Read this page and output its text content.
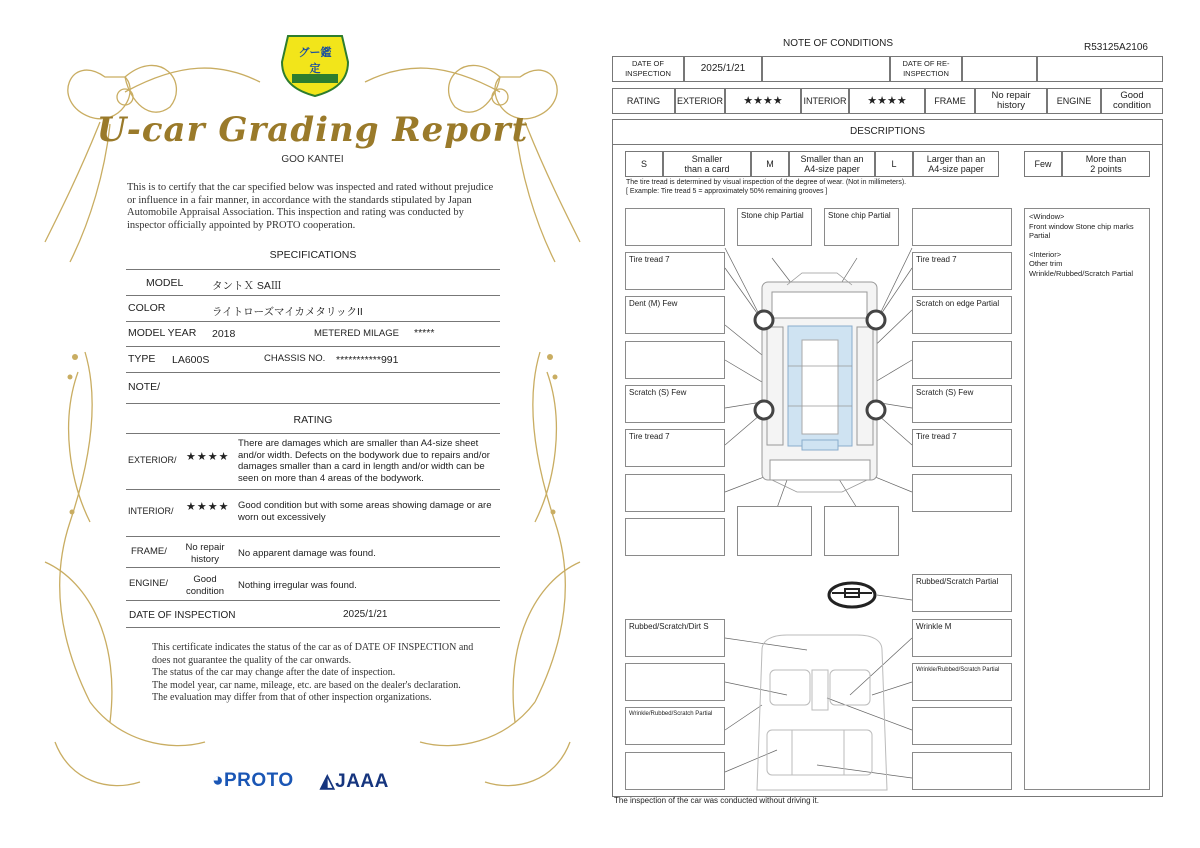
グー鑑定
U-car Grading Report
GOO KANTEI
This is to certify that the car specified below was inspected and rated without prejudice or influence in a fair manner, in accordance with the standards stipulated by Japan Automobile Appraisal Association. This inspection and rating was conducted by inspector officially appointed by PROTO cooperation.
SPECIFICATIONS
MODEL	タントＸ SAⅢ
COLOR	ライトローズマイカメタリックII
MODEL YEAR 2018	METERED MILAGE *****
TYPE LA600S	CHASSIS NO. ***********991
NOTE/
RATING
EXTERIOR/ ★★★★
There are damages which are smaller than A4-size sheet and/or width. Defects on the bodywork due to repairs and/or damages smaller than a card in length and/or width can be seen on more than 4 areas of the bodywork.
INTERIOR/ ★★★★ Good condition but with some areas showing damage or are worn out excessively
FRAME/	No repair history	No apparent damage was found.
ENGINE/	Good condition	Nothing irregular was found.
DATE OF INSPECTION	2025/1/21
This certificate indicates the status of the car as of DATE OF INSPECTION and does not guarantee the quality of the car onwards.
The status of the car may change after the date of inspection.
The model year, car name, mileage, etc. are based on the dealer's declaration.
The evaluation may differ from that of other inspection organizations.
◕PROTO ◭JAAA
NOTE OF CONDITIONS	R53125A2106
DATE OF INSPECTION	2025/1/21	DATE OF RE-INSPECTION
RATING	EXTERIOR	★★★★	INTERIOR	★★★★	FRAME	No repair history	ENGINE	Good condition
DESCRIPTIONS
S	Smaller than a card	M	Smaller than an A4-size paper	L	Larger than an A4-size paper	Few	More than 2 points
The tire tread is determined by visual inspection of the degree of wear. (Not in millimeters).
[ Example: Tire tread 5 = approximately 50% remaining grooves ]
Stone chip Partial	Stone chip Partial
Tire tread 7	Tire tread 7
Dent (M) Few	Scratch on edge Partial
Scratch (S) Few	Scratch (S) Few
Tire tread 7	Tire tread 7
Rubbed/Scratch Partial
Rubbed/Scratch/Dirt S	Wrinkle M
Wrinkle/Rubbed/Scratch Partial
Wrinkle/Rubbed/Scratch Partial
<Window>
Front window Stone chip marks Partial
<Interior>
Other trim Wrinkle/Rubbed/Scratch Partial
The inspection of the car was conducted without driving it.
